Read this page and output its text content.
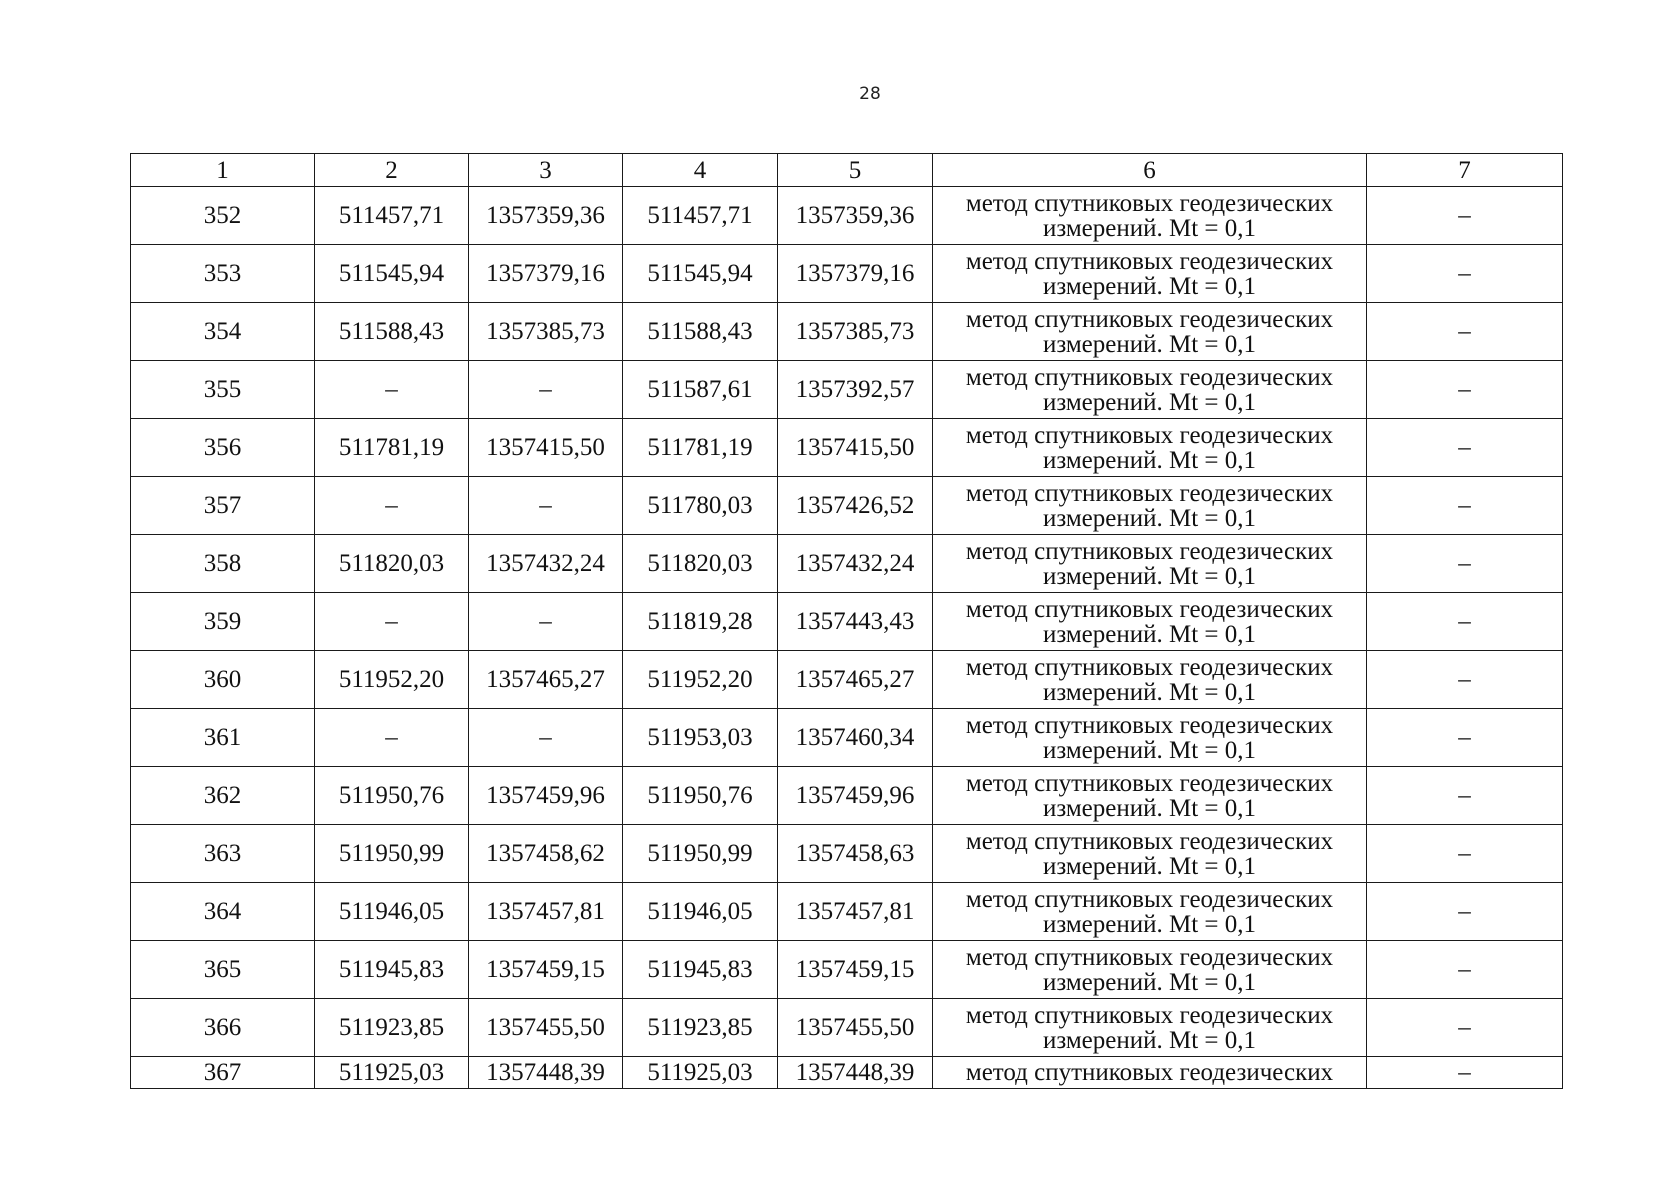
28
1	2	3	4	5	6	7
352	511457,71	1357359,36	511457,71	1357359,36	метод спутниковых геодезических
измерений. Mt = 0,1	–
353	511545,94	1357379,16	511545,94	1357379,16	метод спутниковых геодезических
измерений. Mt = 0,1	–
354	511588,43	1357385,73	511588,43	1357385,73	метод спутниковых геодезических
измерений. Mt = 0,1	–
355	–	–	511587,61	1357392,57	метод спутниковых геодезических
измерений. Mt = 0,1	–
356	511781,19	1357415,50	511781,19	1357415,50	метод спутниковых геодезических
измерений. Mt = 0,1	–
357	–	–	511780,03	1357426,52	метод спутниковых геодезических
измерений. Mt = 0,1	–
358	511820,03	1357432,24	511820,03	1357432,24	метод спутниковых геодезических
измерений. Mt = 0,1	–
359	–	–	511819,28	1357443,43	метод спутниковых геодезических
измерений. Mt = 0,1	–
360	511952,20	1357465,27	511952,20	1357465,27	метод спутниковых геодезических
измерений. Mt = 0,1	–
361	–	–	511953,03	1357460,34	метод спутниковых геодезических
измерений. Mt = 0,1	–
362	511950,76	1357459,96	511950,76	1357459,96	метод спутниковых геодезических
измерений. Mt = 0,1	–
363	511950,99	1357458,62	511950,99	1357458,63	метод спутниковых геодезических
измерений. Mt = 0,1	–
364	511946,05	1357457,81	511946,05	1357457,81	метод спутниковых геодезических
измерений. Mt = 0,1	–
365	511945,83	1357459,15	511945,83	1357459,15	метод спутниковых геодезических
измерений. Mt = 0,1	–
366	511923,85	1357455,50	511923,85	1357455,50	метод спутниковых геодезических
измерений. Mt = 0,1	–
367	511925,03	1357448,39	511925,03	1357448,39	метод спутниковых геодезических	–
